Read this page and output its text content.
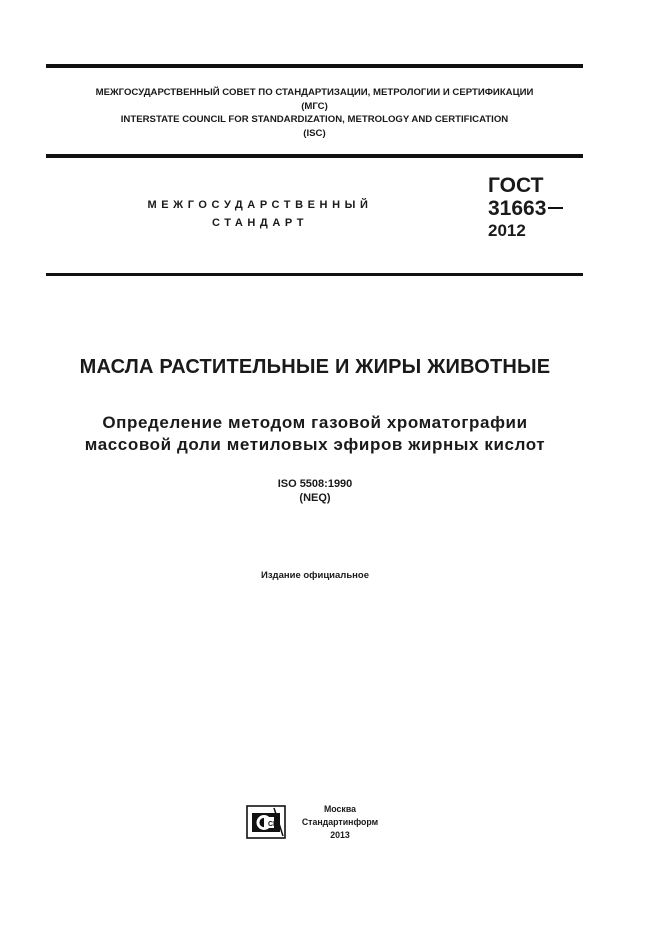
МЕЖГОСУДАРСТВЕННЫЙ СОВЕТ ПО СТАНДАРТИЗАЦИИ, МЕТРОЛОГИИ И СЕРТИФИКАЦИИ
(МГС)
INTERSTATE COUNCIL FOR STANDARDIZATION, METROLOGY AND CERTIFICATION
(ISC)
МЕЖГОСУДАРСТВЕННЫЙ
СТАНДАРТ
ГОСТ
31663
2012
МАСЛА РАСТИТЕЛЬНЫЕ И ЖИРЫ ЖИВОТНЫЕ
Определение методом газовой хроматографии
массовой доли метиловых эфиров жирных кислот
ISO 5508:1990
(NEQ)
Издание официальное
СИ
Москва
Стандартинформ
2013
